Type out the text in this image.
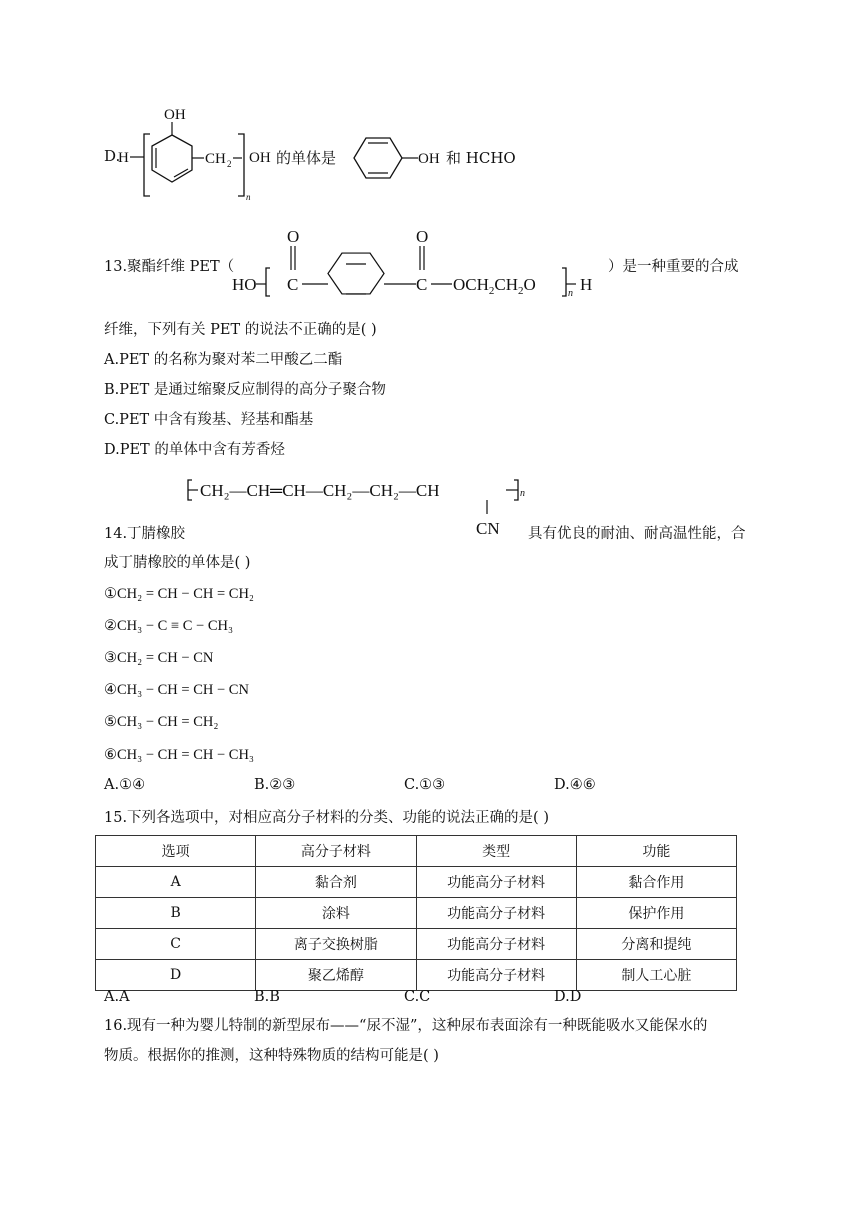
D.
OH
H	CH 2
n
OH 的单体是	OH 和 HCHO
13.聚酯纤维 PET（
HO
O
C
O
C $OCH_2CH_2O$	n H
）是一种重要的合成
纤维，下列有关 PET 的说法不正确的是( )
A.PET 的名称为聚对苯二甲酸乙二酯
B.PET 是通过缩聚反应制得的高分子聚合物
C.PET 中含有羧基、羟基和酯基
D.PET 的单体中含有芳香烃
CH₂—CH═CH—CH₂—CH₂—CH	n
CN
14.丁腈橡胶	具有优良的耐油、耐高温性能，合
成丁腈橡胶的单体是( )
①CH₂ = CH − CH = CH₂
②CH₃ − C ≡ C − CH₃
③CH₂ = CH − CN
④CH₃ − CH = CH − CN
⑤CH₃ − CH = CH₂
⑥CH₃ − CH = CH − CH₃
A.①④	B.②③	C.①③	D.④⑥
15.下列各选项中，对相应高分子材料的分类、功能的说法正确的是( )
选项	高分子材料	类型	功能
A	黏合剂	功能高分子材料	黏合作用
B	涂料	功能高分子材料	保护作用
C	离子交换树脂	功能高分子材料	分离和提纯
D	聚乙烯醇	功能高分子材料	制人工心脏
A.A	B.B	C.C	D.D
16.现有一种为婴儿特制的新型尿布——“尿不湿”，这种尿布表面涂有一种既能吸水又能保水的
物质。根据你的推测，这种特殊物质的结构可能是( )
